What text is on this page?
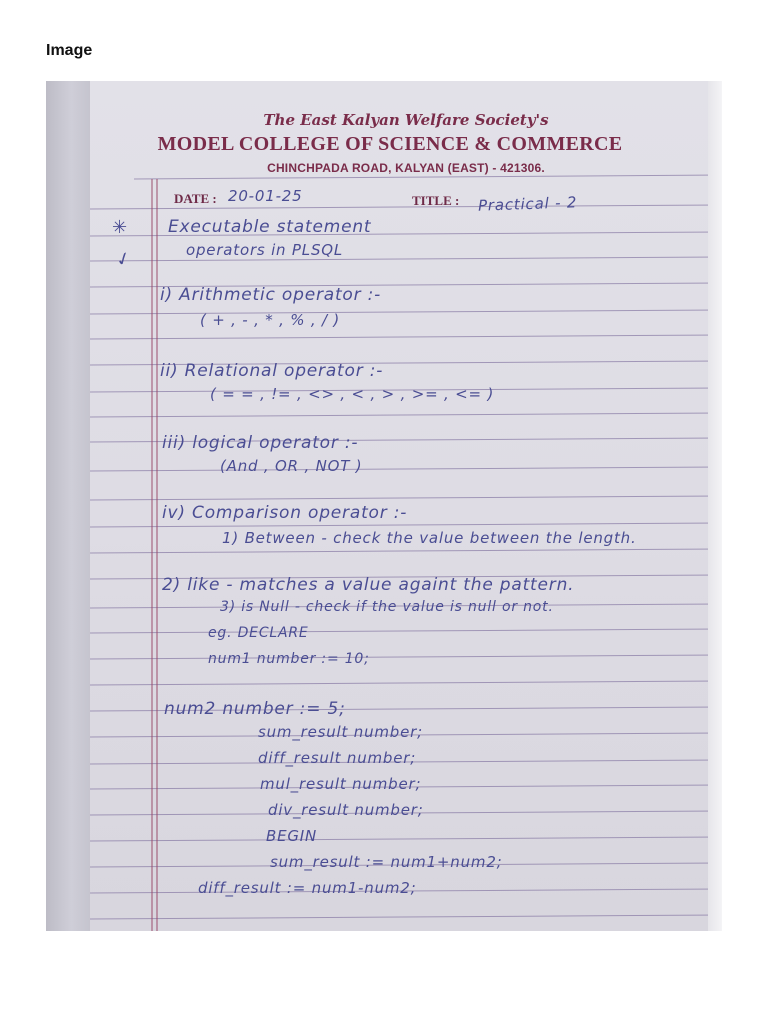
Image
The East Kalyan Welfare Society's
MODEL COLLEGE OF SCIENCE & COMMERCE
CHINCHPADA ROAD, KALYAN (EAST) - 421306.
DATE : 20-01-25	TITLE : Practical - 2
✳
✓
Executable statement
operators in PLSQL
i) Arithmetic operator :-
( + , - , * , % , / )
ii) Relational operator :-
( = = , != , <> , < , > , >= , <= )
iii) logical operator :-
(And , OR , NOT )
iv) Comparison operator :-
1) Between - check the value between the length.
2) like - matches a value againt the pattern.
3) is Null - check if the value is null or not.
eg. DECLARE
num1 number := 10;
num2 number := 5;
sum_result number;
diff_result number;
mul_result number;
div_result number;
BEGIN
sum_result := num1+num2;
diff_result := num1-num2;
